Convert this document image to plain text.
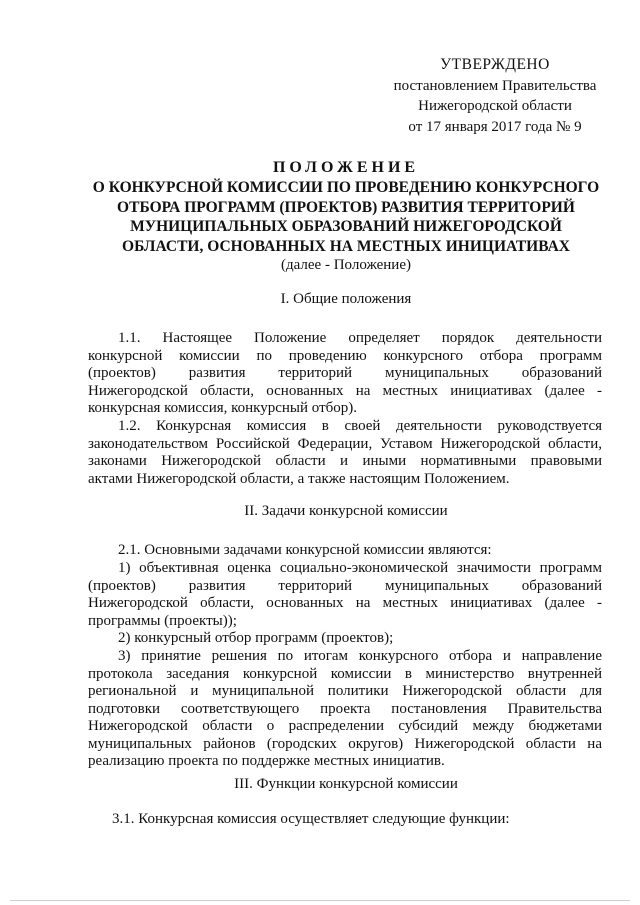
УТВЕРЖДЕНО
постановлением Правительства
Нижегородской области
от 17 января 2017 года № 9
ПОЛОЖЕНИЕ
О КОНКУРСНОЙ КОМИССИИ ПО ПРОВЕДЕНИЮ КОНКУРСНОГО
ОТБОРА ПРОГРАММ (ПРОЕКТОВ) РАЗВИТИЯ ТЕРРИТОРИЙ
МУНИЦИПАЛЬНЫХ ОБРАЗОВАНИЙ НИЖЕГОРОДСКОЙ
ОБЛАСТИ, ОСНОВАННЫХ НА МЕСТНЫХ ИНИЦИАТИВАХ
(далее - Положение)
I. Общие положения
1.1. Настоящее Положение определяет порядок деятельности
конкурсной комиссии по проведению конкурсного отбора программ
(проектов) развития территорий муниципальных образований
Нижегородской области, основанных на местных инициативах (далее -
конкурсная комиссия, конкурсный отбор).
1.2. Конкурсная комиссия в своей деятельности руководствуется
законодательством Российской Федерации, Уставом Нижегородской области,
законами Нижегородской области и иными нормативными правовыми
актами Нижегородской области, а также настоящим Положением.
II. Задачи конкурсной комиссии
2.1. Основными задачами конкурсной комиссии являются:
1) объективная оценка социально-экономической значимости программ
(проектов) развития территорий муниципальных образований
Нижегородской области, основанных на местных инициативах (далее -
программы (проекты));
2) конкурсный отбор программ (проектов);
3) принятие решения по итогам конкурсного отбора и направление
протокола заседания конкурсной комиссии в министерство внутренней
региональной и муниципальной политики Нижегородской области для
подготовки соответствующего проекта постановления Правительства
Нижегородской области о распределении субсидий между бюджетами
муниципальных районов (городских округов) Нижегородской области на
реализацию проекта по поддержке местных инициатив.
III. Функции конкурсной комиссии
3.1. Конкурсная комиссия осуществляет следующие функции:
